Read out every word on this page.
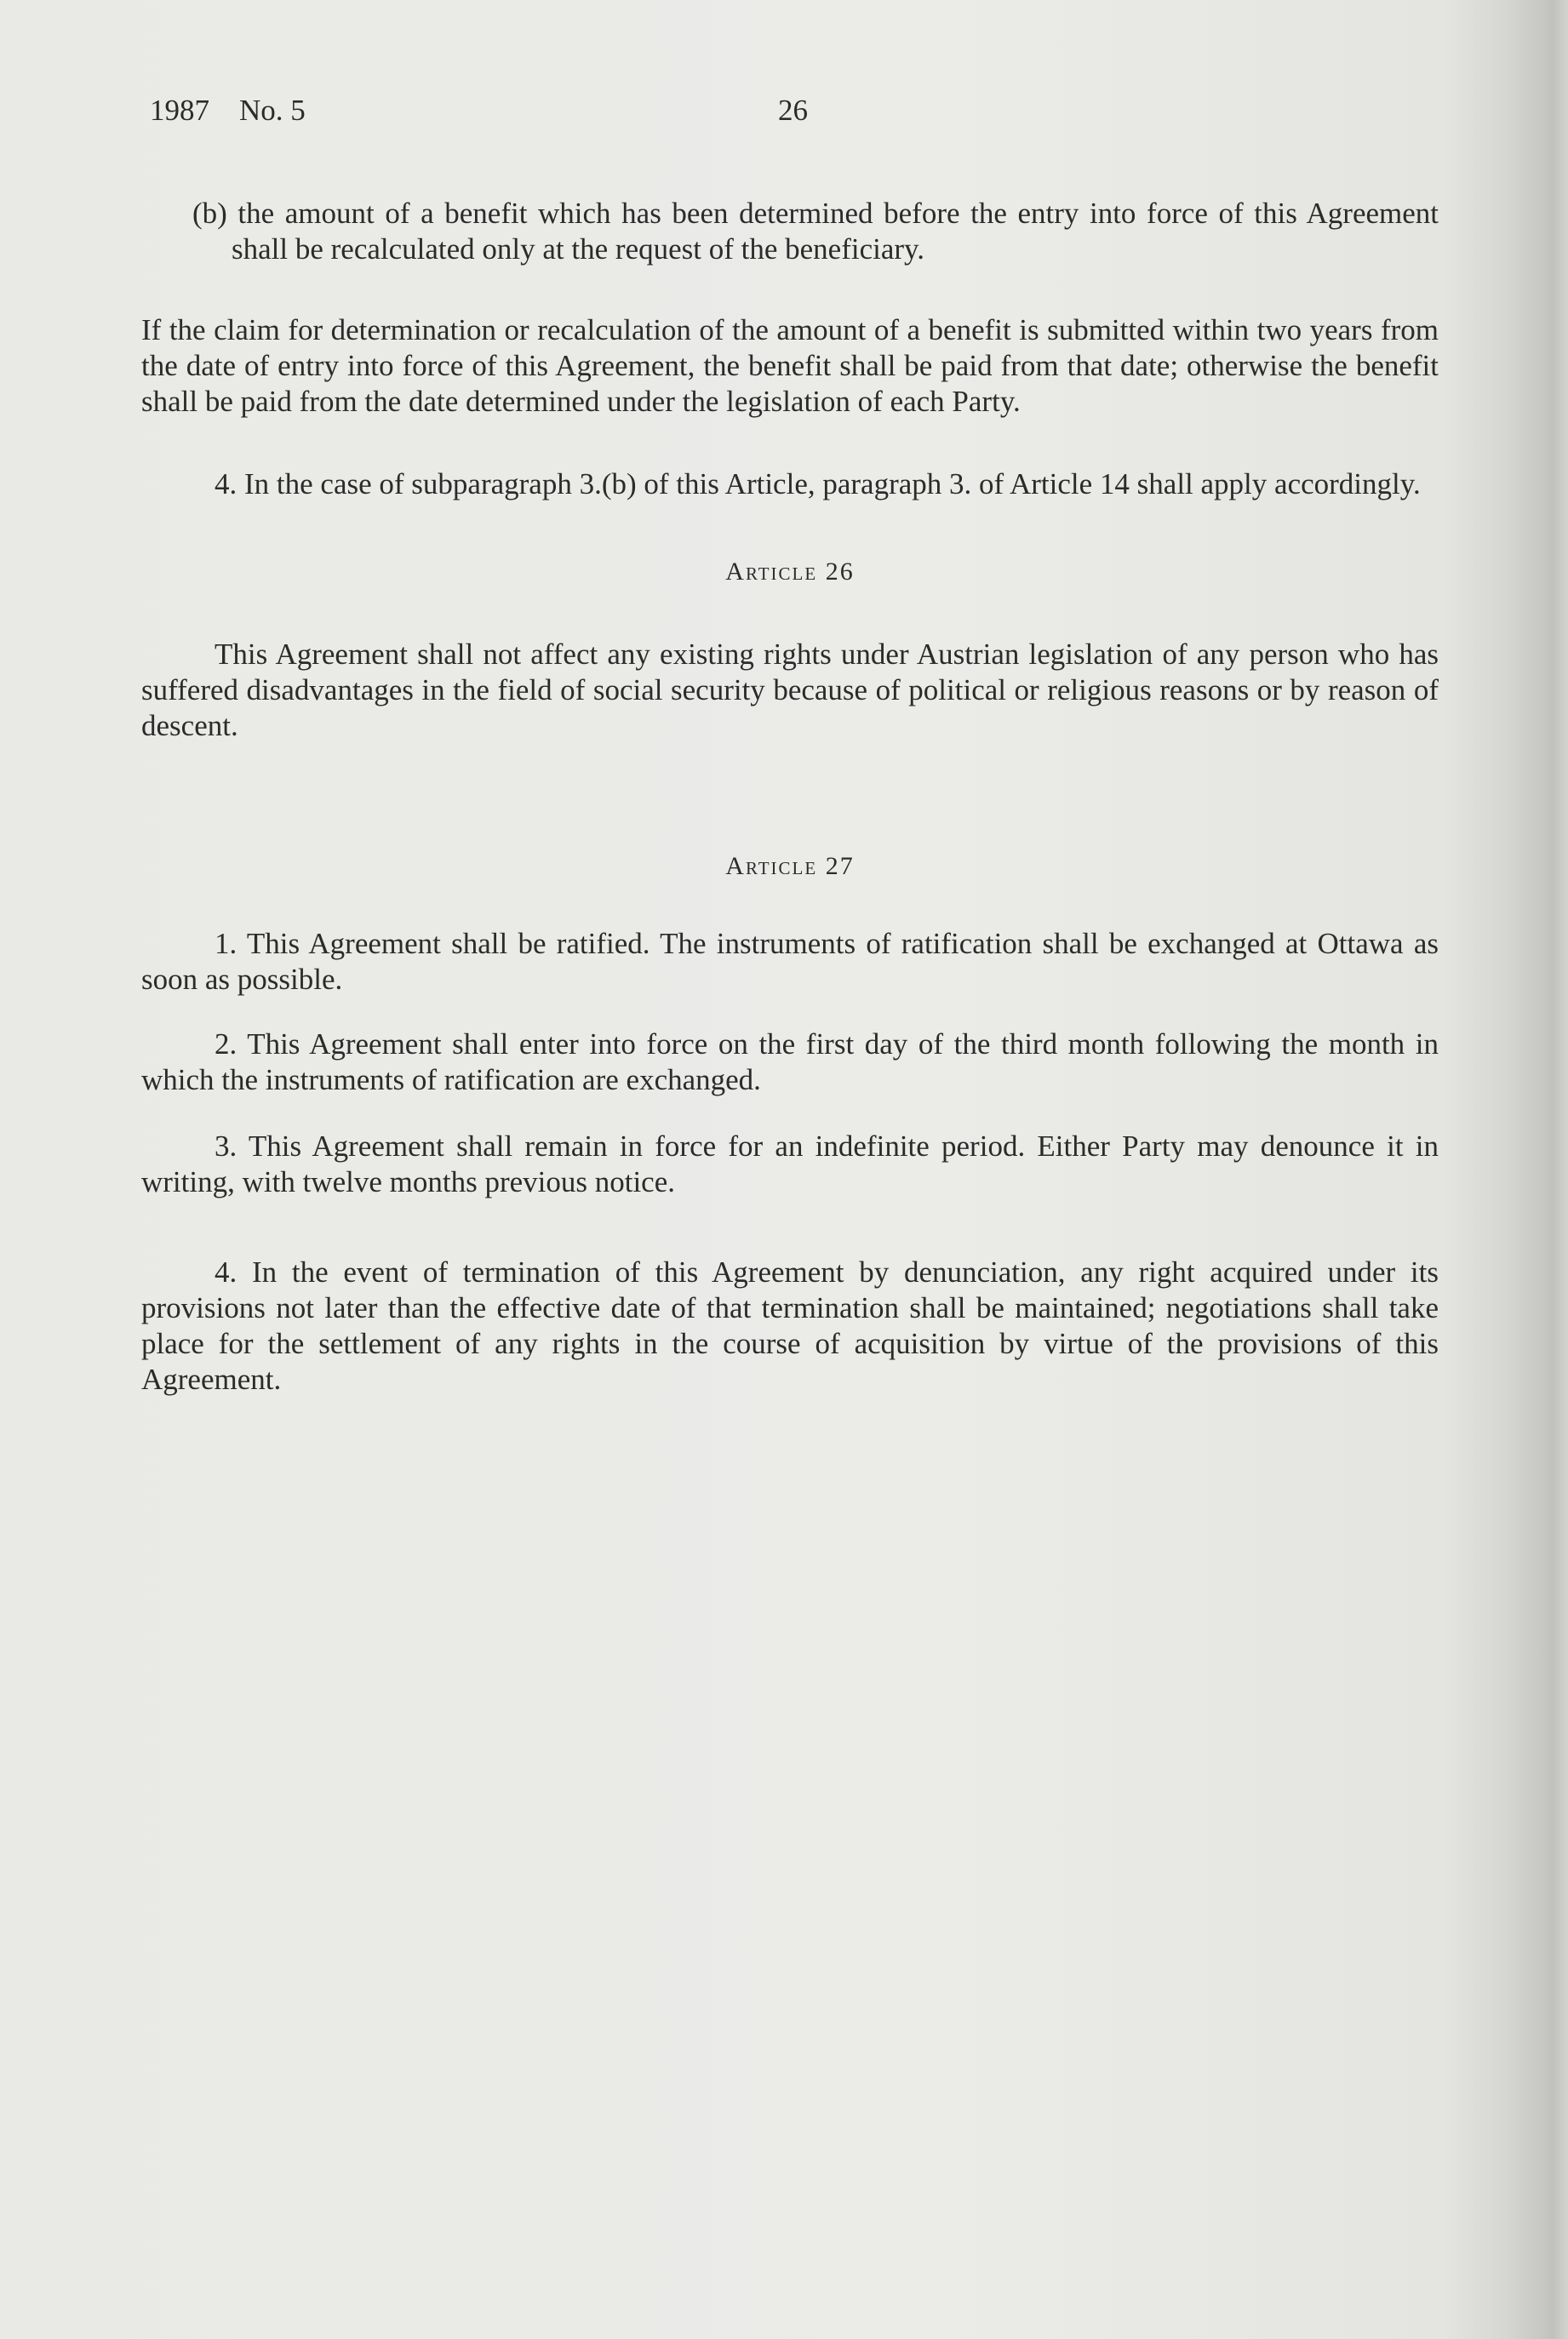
1987    No. 5	26

(b) the amount of a benefit which has been determined before the entry into force of this Agreement shall be recalculated only at the request of the beneficiary.

If the claim for determination or recalculation of the amount of a benefit is submitted within two years from the date of entry into force of this Agreement, the benefit shall be paid from that date; otherwise the benefit shall be paid from the date determined under the legislation of each Party.

4. In the case of subparagraph 3.(b) of this Article, paragraph 3. of Article 14 shall apply accordingly.

Article 26

This Agreement shall not affect any existing rights under Austrian legislation of any person who has suffered disadvantages in the field of social security because of political or religious reasons or by reason of descent.

Article 27

1. This Agreement shall be ratified. The instruments of ratification shall be exchanged at Ottawa as soon as possible.

2. This Agreement shall enter into force on the first day of the third month following the month in which the instruments of ratification are exchanged.

3. This Agreement shall remain in force for an indefinite period. Either Party may denounce it in writing, with twelve months previous notice.

4. In the event of termination of this Agreement by denunciation, any right acquired under its provisions not later than the effective date of that termination shall be maintained; negotiations shall take place for the settlement of any rights in the course of acquisition by virtue of the provisions of this Agreement.
